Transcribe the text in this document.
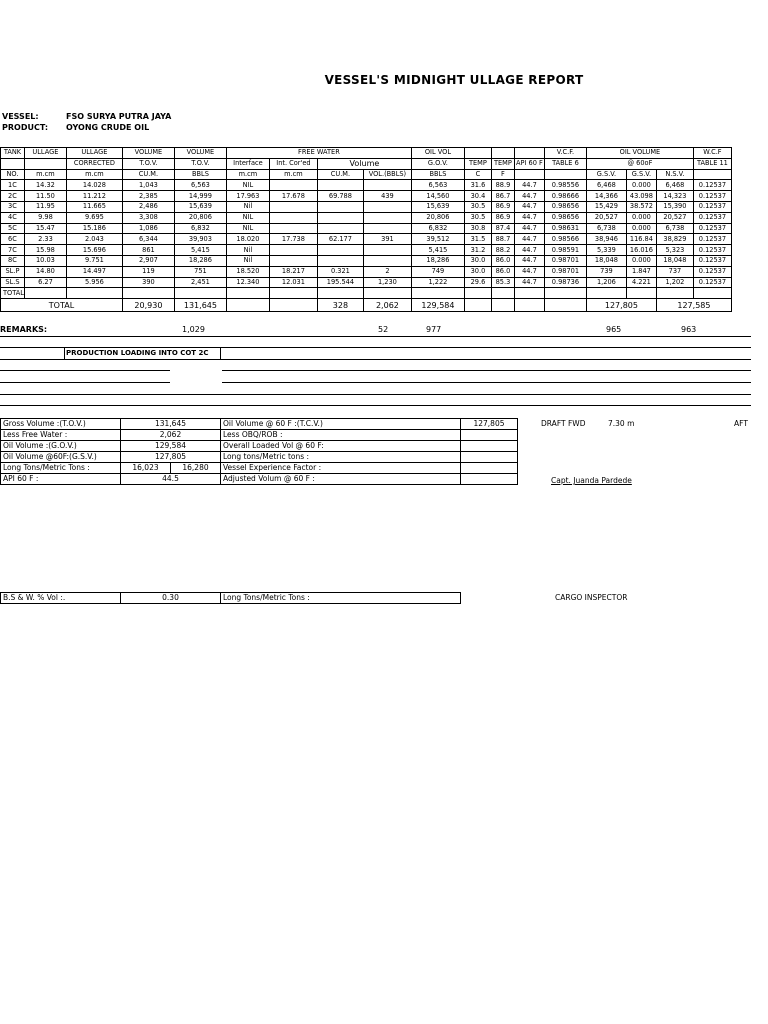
VESSEL'S MIDNIGHT ULLAGE REPORT
VESSEL:	FSO SURYA PUTRA JAYA
PRODUCT: OYONG CRUDE OIL
TANK	ULLAGE	ULLAGE	VOLUME	VOLUME	FREE WATER				OIL VOL				V.C.F.	OIL VOLUME			W.C.F
		CORRECTED	T.O.V.	T.O.V.	Interface	Int. Cor'ed	Volume		G.O.V.	TEMP	TEMP	API 60 F	TABLE 6	@ 60oF			TABLE 11
NO.	m.cm	m.cm	CU.M.	BBLS	m.cm	m.cm	CU.M.	VOL.(BBLS)	BBLS	C	F			G.S.V.	G.S.V.	N.S.V.	
1C	14.32	14.028	1,043	6,563	NIL				6,563	31.6	88.9	44.7	0.98556	6,468	0.000	6,468	0.12537
2C	11.50	11.212	2,385	14,999	17.963	17.678	69.788	439	14,560	30.4	86.7	44.7	0.98666	14,366	43.098	14,323	0.12537
3C	11.95	11.665	2,486	15,639	Nil				15,639	30.5	86.9	44.7	0.98656	15,429	38.572	15,390	0.12537
4C	9.98	9.695	3,308	20,806	NIL				20,806	30.5	86.9	44.7	0.98656	20,527	0.000	20,527	0.12537
5C	15.47	15.186	1,086	6,832	NIL				6,832	30.8	87.4	44.7	0.98631	6,738	0.000	6,738	0.12537
6C	2.33	2.043	6,344	39,903	18.020	17.738	62.177	391	39,512	31.5	88.7	44.7	0.98566	38,946	116.84	38,829	0.12537
7C	15.98	15.696	861	5,415	Nil				5,415	31.2	88.2	44.7	0.98591	5,339	16.016	5,323	0.12537
8C	10.03	9.751	2,907	18,286	Nil				18,286	30.0	86.0	44.7	0.98701	18,048	0.000	18,048	0.12537
SL.P	14.80	14.497	119	751	18.520	18.217	0.321	2	749	30.0	86.0	44.7	0.98701	739	1.847	737	0.12537
SL.S	6.27	5.956	390	2,451	12.340	12.031	195.544	1,230	1,222	29.6	85.3	44.7	0.98736	1,206	4.221	1,202	0.12537
TOTAL																	
TOTAL			20,930	131,645			328	2,062	129,584					127,805		127,585	
REMARKS:	1,029	52	977	965	963
PRODUCTION LOADING INTO COT 2C
Gross Volume :(T.O.V.)	131,645		Oil Volume @ 60 F :(T.C.V.)	127,805
Less Free Water :	2,062		Less OBQ/ROB :	
Oil Volume :(G.O.V.)	129,584		Overall Loaded Vol @ 60 F:	
Oil Volume @60F:(G.S.V.)	127,805		Long tons/Metric tons :	
Long Tons/Metric Tons :	16,023	16,280	Vessel Experience Factor :	
API 60 F :	44.5		Adjusted Volum @ 60 F :	
DRAFT FWD	7.30 m	AFT
Capt. Juanda Pardede
B.S & W. % Vol :.	0.30	Long Tons/Metric Tons :	CARGO INSPECTOR
